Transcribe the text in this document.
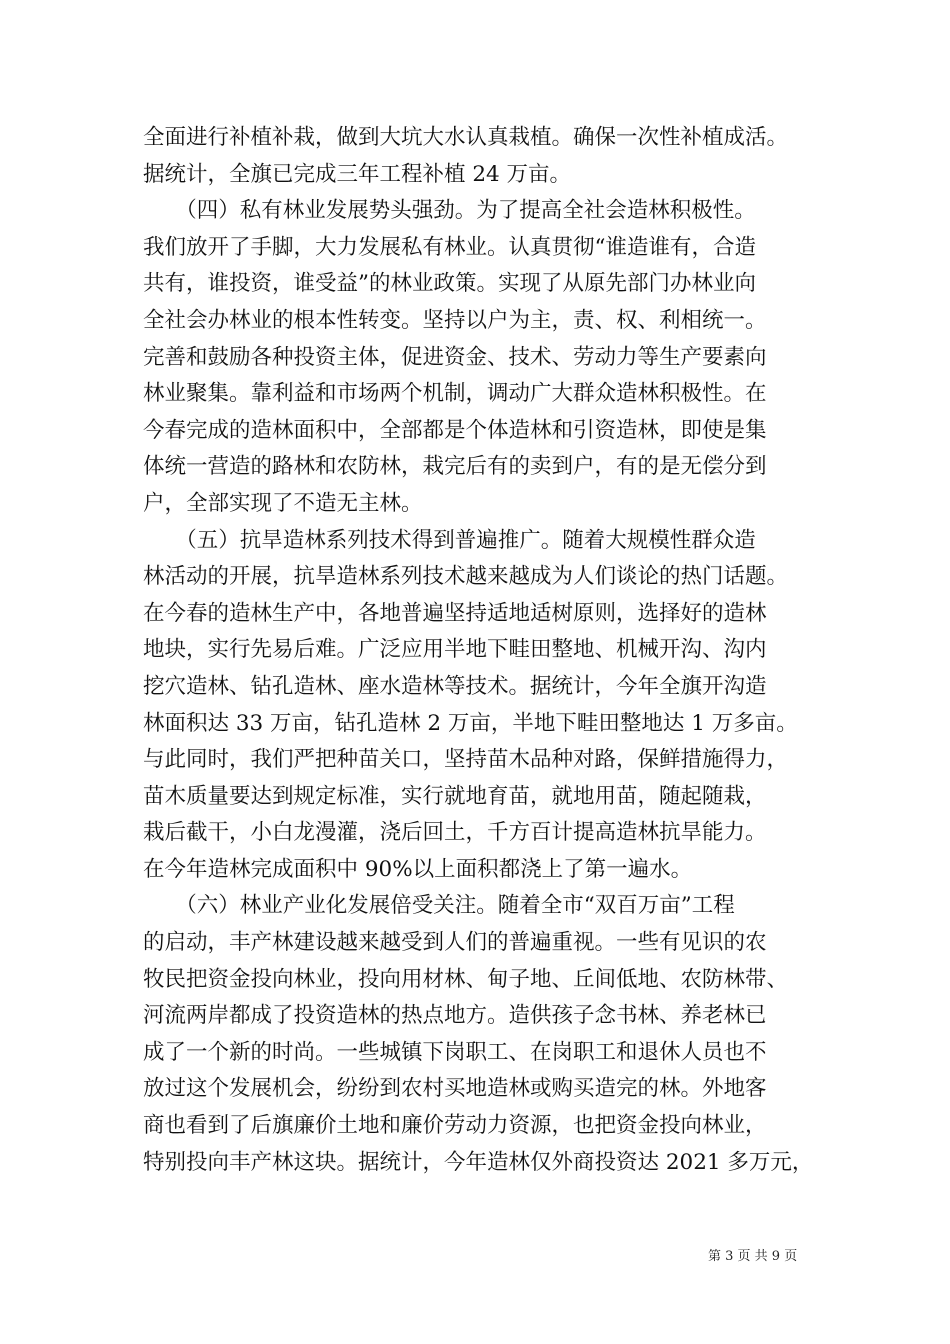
全面进行补植补栽，做到大坑大水认真栽植。确保一次性补植成活。
据统计，全旗已完成三年工程补植 24 万亩。

　　（四）私有林业发展势头强劲。为了提高全社会造林积极性。
我们放开了手脚，大力发展私有林业。认真贯彻“谁造谁有，合造
共有，谁投资，谁受益”的林业政策。实现了从原先部门办林业向
全社会办林业的根本性转变。坚持以户为主，责、权、利相统一。
完善和鼓励各种投资主体，促进资金、技术、劳动力等生产要素向
林业聚集。靠利益和市场两个机制，调动广大群众造林积极性。在
今春完成的造林面积中，全部都是个体造林和引资造林，即使是集
体统一营造的路林和农防林，栽完后有的卖到户，有的是无偿分到
户，全部实现了不造无主林。

　　（五）抗旱造林系列技术得到普遍推广。随着大规模性群众造
林活动的开展，抗旱造林系列技术越来越成为人们谈论的热门话题。
在今春的造林生产中，各地普遍坚持适地适树原则，选择好的造林
地块，实行先易后难。广泛应用半地下畦田整地、机械开沟、沟内
挖穴造林、钻孔造林、座水造林等技术。据统计，今年全旗开沟造
林面积达 33 万亩，钻孔造林 2 万亩，半地下畦田整地达 1 万多亩。
与此同时，我们严把种苗关口，坚持苗木品种对路，保鲜措施得力，
苗木质量要达到规定标准，实行就地育苗，就地用苗，随起随栽，
栽后截干，小白龙漫灌，浇后回土，千方百计提高造林抗旱能力。
在今年造林完成面积中 90%以上面积都浇上了第一遍水。

　　（六）林业产业化发展倍受关注。随着全市“双百万亩”工程
的启动，丰产林建设越来越受到人们的普遍重视。一些有见识的农
牧民把资金投向林业，投向用材林、甸子地、丘间低地、农防林带、
河流两岸都成了投资造林的热点地方。造供孩子念书林、养老林已
成了一个新的时尚。一些城镇下岗职工、在岗职工和退休人员也不
放过这个发展机会，纷纷到农村买地造林或购买造完的林。外地客
商也看到了后旗廉价土地和廉价劳动力资源，也把资金投向林业，
特别投向丰产林这块。据统计，今年造林仅外商投资达 2021 多万元，

第 3 页 共 9 页
